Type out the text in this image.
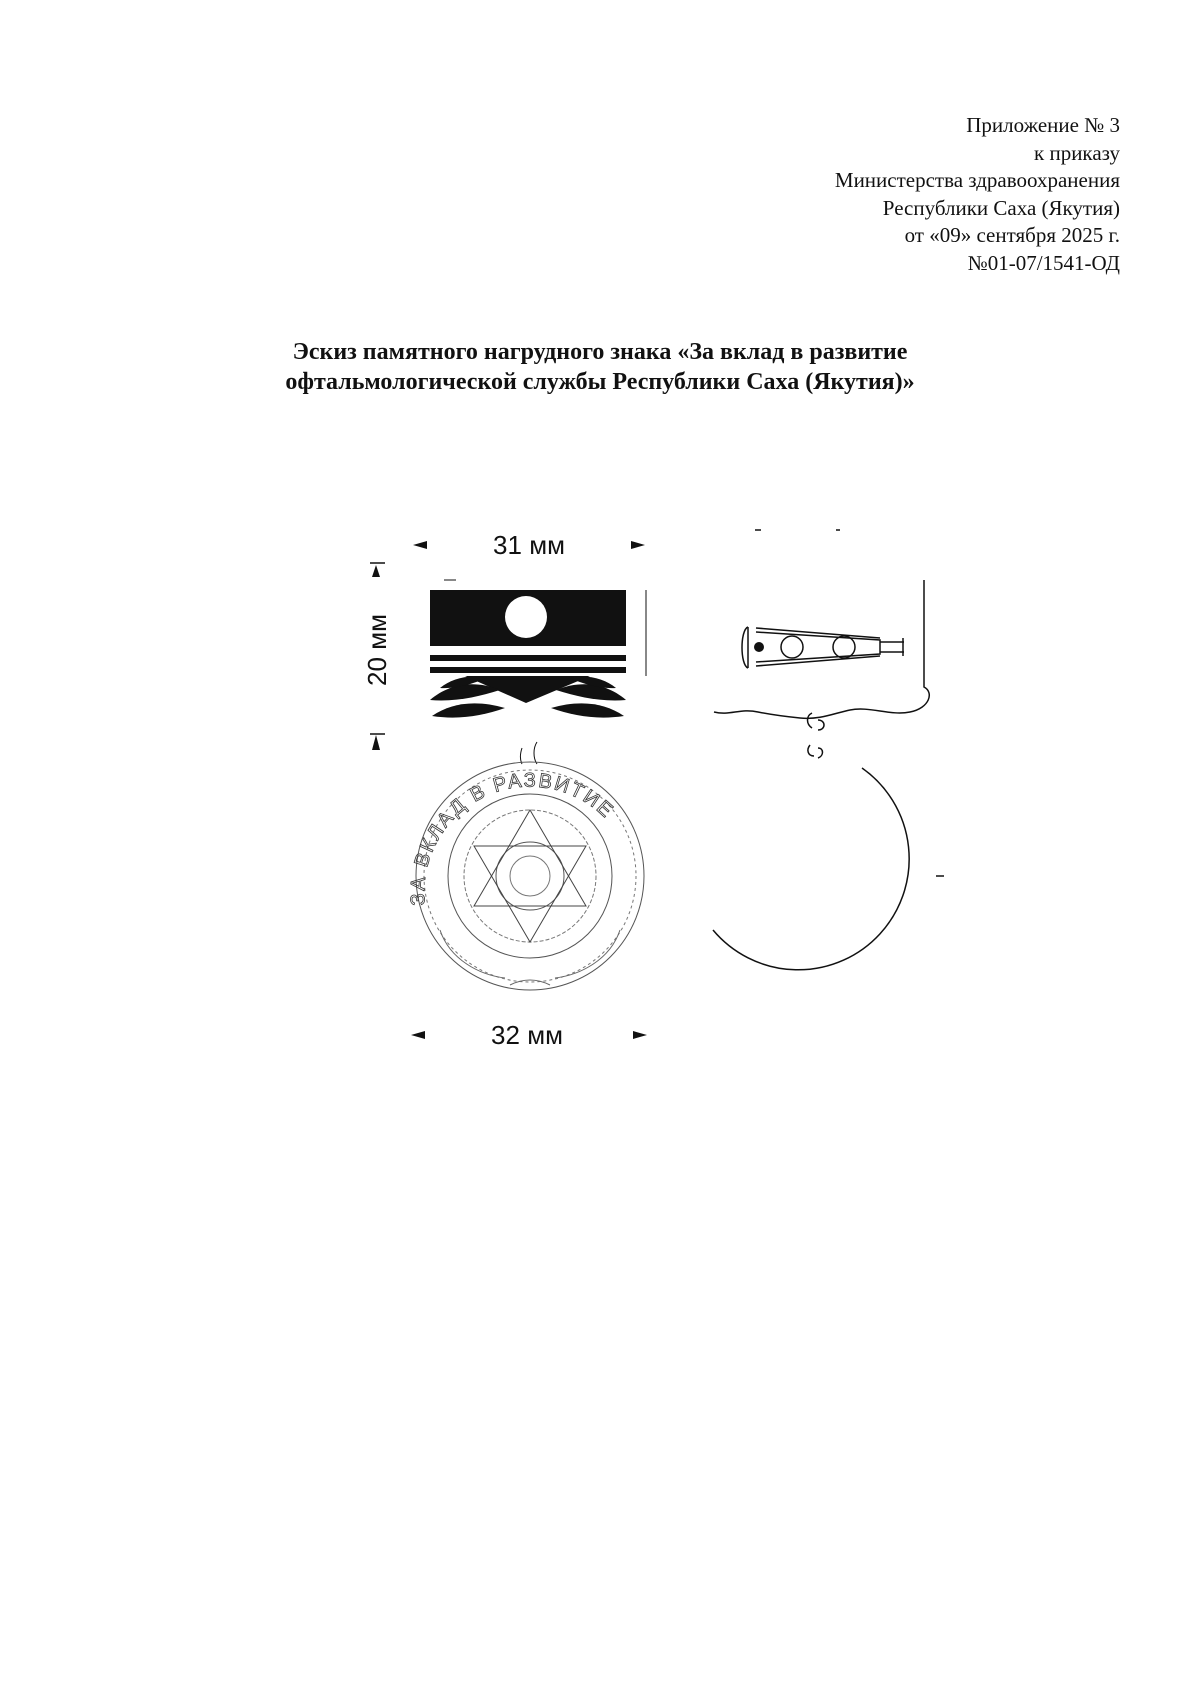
Приложение № 3
к приказу
Министерства здравоохранения
Республики Саха (Якутия)
от «09» сентября 2025 г.
№01-07/1541-ОД
Эскиз памятного нагрудного знака «За вклад в развитие
офтальмологической службы Республики Саха (Якутия)»
31 мм
20 мм
ЗА ВКЛАД В РАЗВИТИЕ
32 мм
